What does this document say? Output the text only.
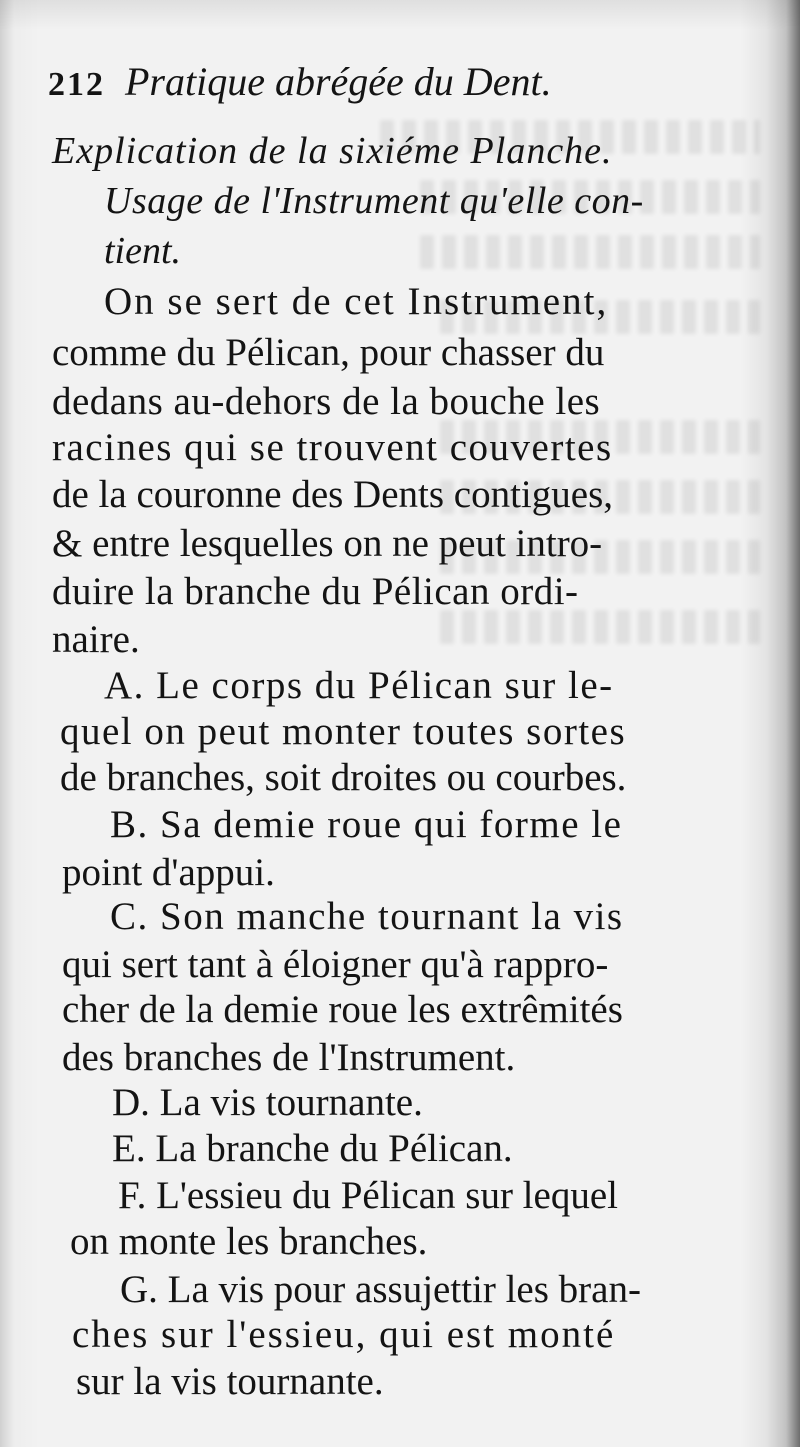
212 Pratique abrégée du Dent.

Explication de la sixiéme Planche.

Usage de l'Instrument qu'elle con-

tient.

On se sert de cet Instrument,

comme du Pélican, pour chasser du

dedans au-dehors de la bouche les

racines qui se trouvent couvertes

de la couronne des Dents contigues,

& entre lesquelles on ne peut intro-

duire la branche du Pélican ordi-

naire.

A. Le corps du Pélican sur le-

quel on peut monter toutes sortes

de branches, soit droites ou courbes.

B. Sa demie roue qui forme le

point d'appui.

C. Son manche tournant la vis

qui sert tant à éloigner qu'à rappro-

cher de la demie roue les extrêmités

des branches de l'Instrument.

D. La vis tournante.

E. La branche du Pélican.

F. L'essieu du Pélican sur lequel

on monte les branches.

G. La vis pour assujettir les bran-

ches sur l'essieu, qui est monté

sur la vis tournante.
